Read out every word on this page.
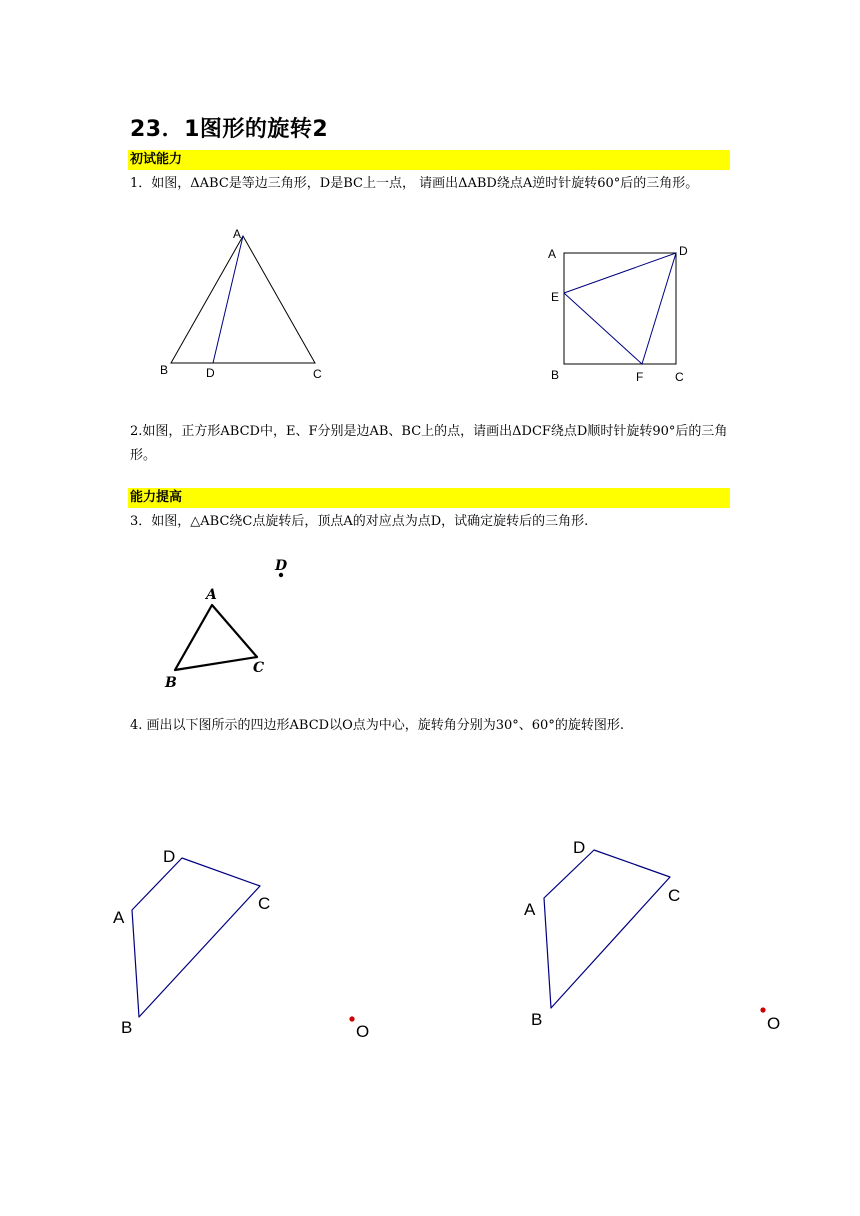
23．1图形的旋转2
初试能力
1．如图，ΔABC是等边三角形，D是BC上一点， 请画出ΔABD绕点A逆时针旋转60°后的三角形。
A
B	D	C
A	D
E
B	F	C
2.如图，正方形ABCD中，E、F分别是边AB、BC上的点，请画出ΔDCF绕点D顺时针旋转90°后的三角形。
能力提高
3．如图，△ABC绕C点旋转后，顶点A的对应点为点D，试确定旋转后的三角形.
D
A
C
B
4. 画出以下图所示的四边形ABCD以O点为中心，旋转角分别为30°、60°的旋转图形.
D
C
A
B	O
D
C
A
B	O
